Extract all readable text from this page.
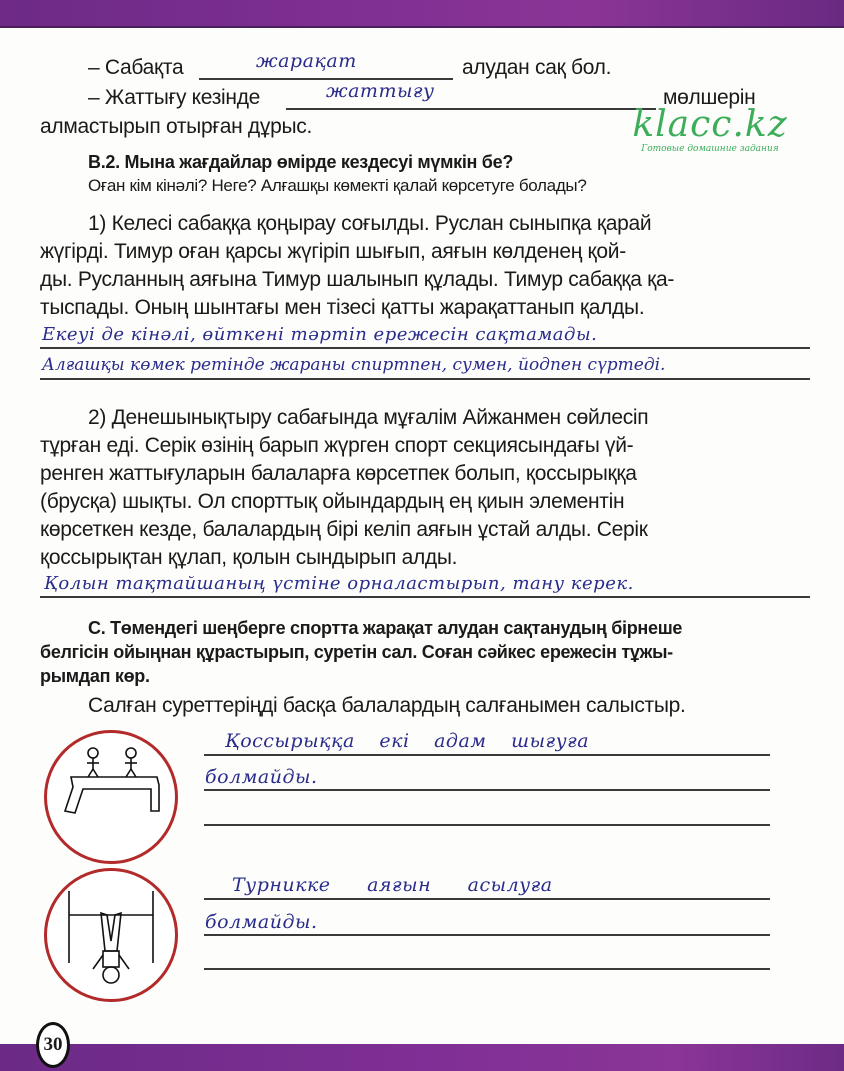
– Сабақта	жарақат	алудан сақ бол.
– Жаттығу кезінде	жаттығу	мөлшерін
алмастырып отырған дұрыс.	klacc.kz
Готовые домашние задания
В.2. Мына жағдайлар өмірде кездесуі мүмкін бе?
Оған кім кінәлі? Неге? Алғашқы көмекті қалай көрсетуге болады?
1) Келесі сабаққа қоңырау соғылды. Руслан сыныпқа қарай
жүгірді. Тимур оған қарсы жүгіріп шығып, аяғын көлденең қой-
ды. Русланның аяғына Тимур шалынып құлады. Тимур сабаққа қа-
тыспады. Оның шынтағы мен тізесі қатты жарақаттанып қалды.
Екеуі де кінәлі, өйткені тәртіп ережесін сақтамады.
Алғашқы көмек ретінде жараны спиртпен, сумен, йодпен сүртеді.
2) Денешынықтыру сабағында мұғалім Айжанмен сөйлесіп
тұрған еді. Серік өзінің барып жүрген спорт секциясындағы үй-
ренген жаттығуларын балаларға көрсетпек болып, қоссырыққа
(брусқа) шықты. Ол спорттық ойындардың ең қиын элементін
көрсеткен кезде, балалардың бірі келіп аяғын ұстай алды. Серік
қоссырықтан құлап, қолын сындырып алды.
Қолын тақтайшаның үстіне орналастырып, тану керек.
С. Төмендегі шеңберге спортта жарақат алудан сақтанудың бірнеше
белгісін ойыңнан құрастырып, суретін сал. Соған сәйкес ережесін тұжы-
рымдап көр.
Салған суреттеріңді басқа балалардың салғанымен салыстыр.
Қоссырыққа екі адам шығуға
болмайды.
Турникке аяғын асылуға
болмайды.
30
